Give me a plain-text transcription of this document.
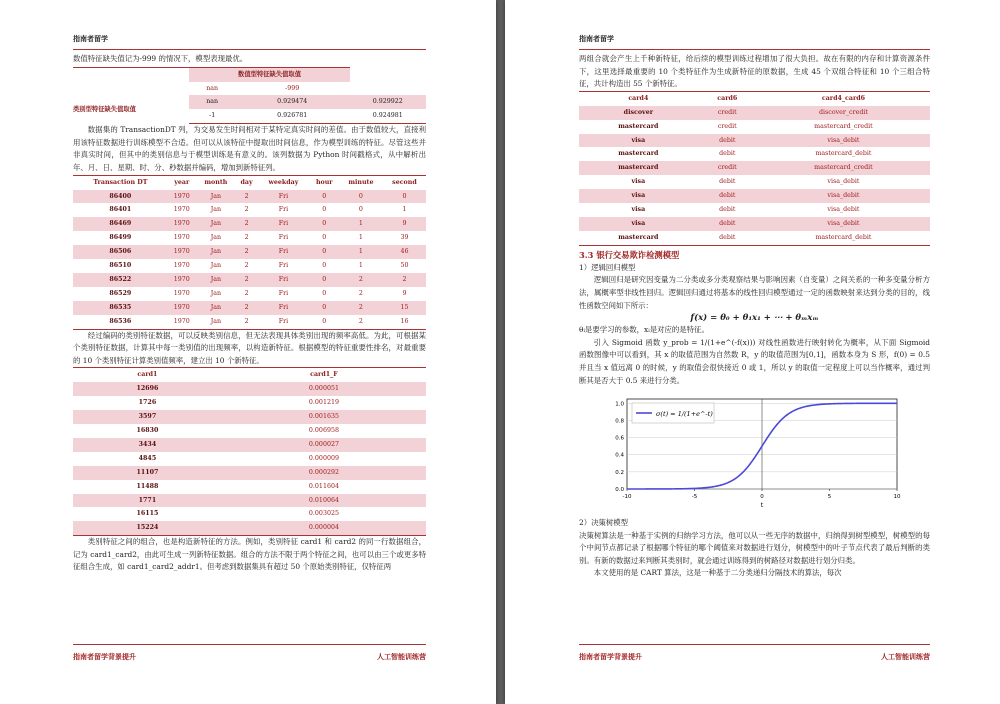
指南者留学

数值特征缺失值记为-999 的情况下，模型表现最优。

	数值型特征缺失值取值		
	nan	-999	
类别型特征缺失值取值	nan	0.929474	0.929922
	-1	0.926781	0.924981

数据集的 TransactionDT 列，为交易发生时间相对于某特定真实时间的差值。由于数值较大，直接利用该特征数据进行训练模型不合适。但可以从该特征中提取出时间信息，作为模型训练的特征。尽管这些并非真实时间，但其中的类别信息与于模型训练是有意义的。该列数据为 Python 时间戳格式，从中解析出年、月、日、星期、时、分、秒数据并编码，增加到新特征列。

Transaction DT	year	month	day	weekday	hour	minute	second
86400	1970	Jan	2	Fri	0	0	0
86401	1970	Jan	2	Fri	0	0	1
86469	1970	Jan	2	Fri	0	1	9
86499	1970	Jan	2	Fri	0	1	39
86506	1970	Jan	2	Fri	0	1	46
86510	1970	Jan	2	Fri	0	1	50
86522	1970	Jan	2	Fri	0	2	2
86529	1970	Jan	2	Fri	0	2	9
86535	1970	Jan	2	Fri	0	2	15
86536	1970	Jan	2	Fri	0	2	16

经过编码的类别特征数据，可以反映类别信息，但无法表现具体类别出现的频率高低。为此，可根据某个类别特征数据，计算其中每一类别值的出现频率，以构造新特征。根据模型的特征重要性排名，对最重要的 10 个类别特征计算类别值频率，建立出 10 个新特征。

card1	card1_F
12696	0.000051
1726	0.001219
3597	0.001635
16830	0.006958
3434	0.000027
4845	0.000009
11107	0.000292
11488	0.011604
1771	0.010064
16115	0.003025
15224	0.000004

类别特征之间的组合，也是构造新特征的方法。例如，类别特征 card1 和 card2 的同一行数据组合，记为 card1_card2，由此可生成一列新特征数据。组合的方法不限于两个特征之间，也可以由三个或更多特征组合生成，如 card1_card2_addr1。但考虑到数据集具有超过 50 个原始类别特征，仅特征两

指南者留学背景提升	人工智能训练营
指南者留学

两组合就会产生上千种新特征，给后续的模型训练过程增加了很大负担。故在有限的内存和计算资源条件下，这里选择最重要的 10 个类特征作为生成新特征的原数据，生成 45 个双组合特征和 10 个三组合特征，共计构造出 55 个新特征。

card4	card6	card4_card6
discover	credit	discover_credit
mastercard	credit	mastercard_credit
visa	debit	visa_debit
mastercard	debit	mastercard_debit
mastercard	credit	mastercard_credit
visa	debit	visa_debit
visa	debit	visa_debit
visa	debit	visa_debit
visa	debit	visa_debit
mastercard	debit	mastercard_debit
3.3 银行交易欺诈检测模型

1）逻辑回归模型

逻辑回归是研究因变量为二分类或多分类观察结果与影响因素（自变量）之间关系的一种多变量分析方法，属概率型非线性回归。逻辑回归通过将基本的线性回归模型通过一定的函数映射来达到分类的目的，线性函数空间如下所示：

f(x) = θ₀ + θ₁x₁ + ⋯ + θₘxₘ

θᵢ是要学习的参数，xᵢ是对应的是特征。

引入 Sigmoid 函数 y_prob = 1/(1+e^(-f(x))) 对线性函数进行映射转化为概率，从下面 Sigmoid 函数图像中可以看到，其 x 的取值范围为自然数 R，y 的取值范围为[0,1]，函数本身为 S 形，f(0) = 0.5 并且当 x 值远离 0 的时候，y 的取值会很快接近 0 或 1，所以 y 的取值一定程度上可以当作概率，通过判断其是否大于 0.5 来进行分类。

0.0
0.2
0.4
0.6
0.8
1.0
-10	-5	0	5	10
σ(t) = 1/(1+e^-t)
t

2）决策树模型

决策树算法是一种基于实例的归纳学习方法，他可以从一些无序的数据中，归纳得到树型模型，树模型的每个中间节点都记录了根据哪个特征的哪个阈值来对数据进行划分，树模型中的叶子节点代表了最后判断的类别。有新的数据过来判断其类别时，就会通过训练得到的树路径对数据进行划分归类。

本文使用的是 CART 算法，这是一种基于二分类递归分隔技术的算法，每次

指南者留学背景提升	人工智能训练营
